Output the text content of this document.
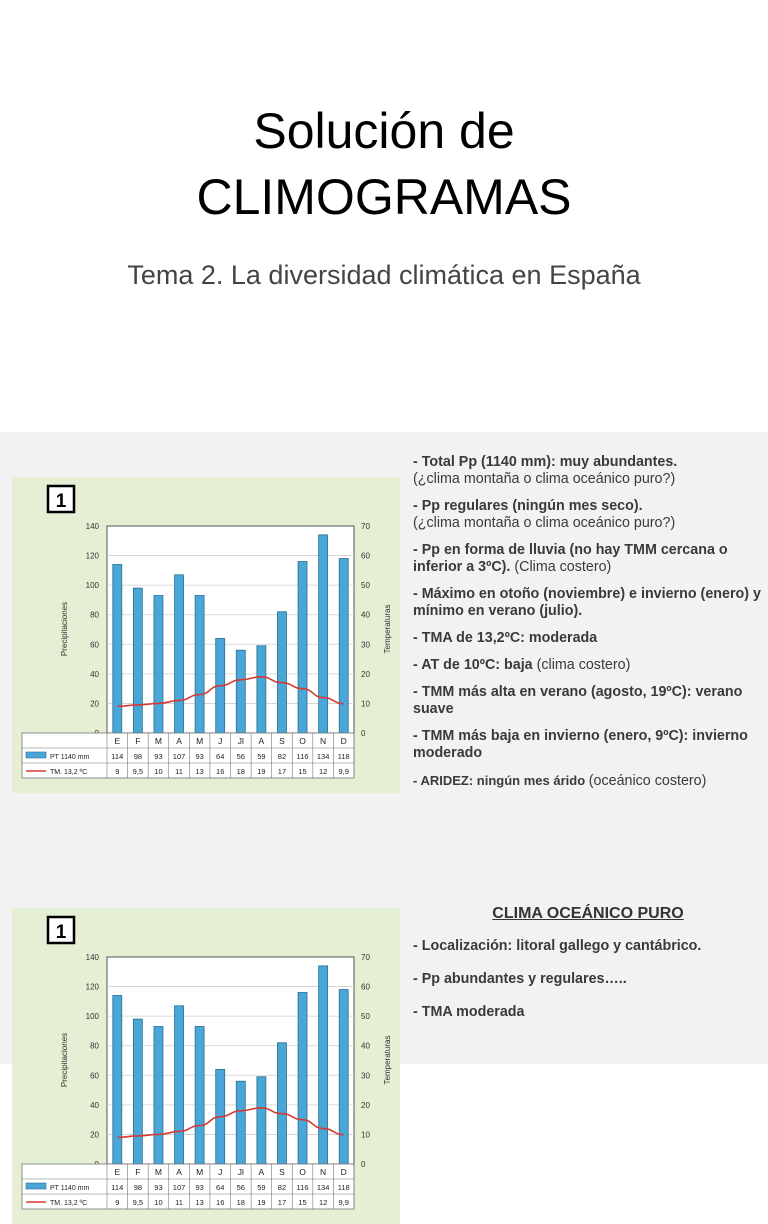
Solución de
CLIMOGRAMAS
Tema 2. La diversidad climática en España
1
20
40
60
80
100
120
140
0
10
20
30
40
50
60
70
Precipitaciones	Temperaturas
E
114
9
F
98
9,5
M
93
10
A
107
11
M
93
13
J
64
16
Jl
56
18
A
59
19
S
82
17
O
116
15
N
134
12
D
118
9,9
PT 1140 mm
TM. 13,2 ºC
- Total Pp (1140 mm): muy abundantes.
(¿clima montaña o clima oceánico puro?)
- Pp regulares (ningún mes seco).
(¿clima montaña o clima oceánico puro?)
- Pp en forma de lluvia (no hay TMM cercana o inferior a 3ºC). (Clima costero)
- Máximo en otoño (noviembre) e invierno (enero) y mínimo en verano (julio).
- TMA de 13,2ºC: moderada
- AT de 10ºC: baja (clima costero)
- TMM más alta en verano (agosto, 19ºC): verano suave
- TMM más baja en invierno (enero, 9ºC): invierno moderado
- ARIDEZ: ningún mes árido (oceánico costero)
1
20
40
60
80
100
120
140
0
10
20
30
40
50
60
70
Precipitaciones	Temperaturas
E
114
9
F
98
9,5
M
93
10
A
107
11
M
93
13
J
64
16
Jl
56
18
A
59
19
S
82
17
O
116
15
N
134
12
D
118
9,9
PT 1140 mm
TM. 13,2 ºC
CLIMA OCEÁNICO PURO
- Localización: litoral gallego y cantábrico.
- Pp abundantes y regulares…..
- TMA moderada
